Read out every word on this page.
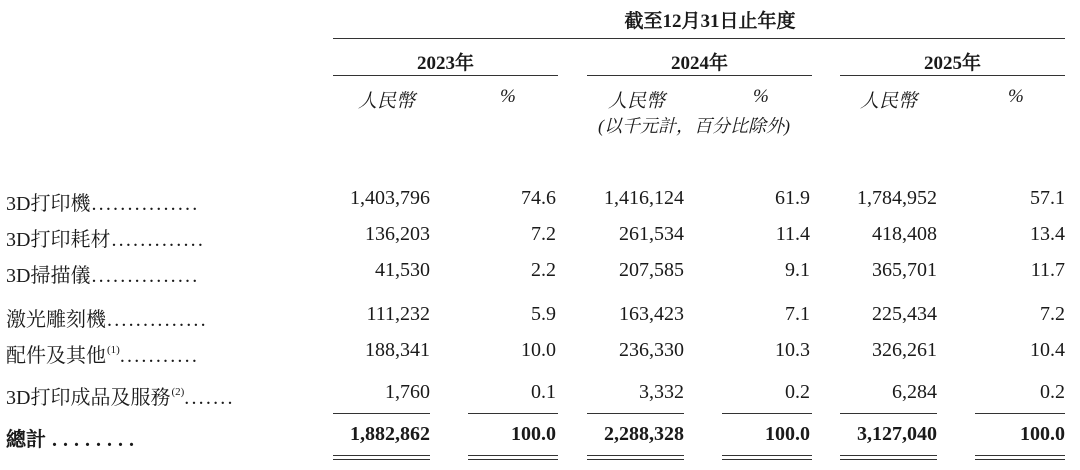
截至12月31日止年度
2023年	2024年	2025年
人民幣	%	人民幣	%
(以千元計，百分比除外)
人民幣	%
3D打印機...............	1,403,796	74.6 1,416,124	61.9 1,784,952	57.1
3D打印耗材.............	136,203	7.2	261,534	11.4	418,408	13.4
3D掃描儀...............	41,530	2.2	207,585	9.1	365,701	11.7
激光雕刻機..............	111,232	5.9	163,423	7.1	225,434	7.2
配件及其他$^{(1)}$...........	188,341	10.0	236,330	10.3	326,261	10.4
3D打印成品及服務$^{(2)}$.......	1,760	0.1	3,332	0.2	6,284	0.2
總計 ........	1,882,862	100.0 2,288,328	100.0 3,127,040	100.0
